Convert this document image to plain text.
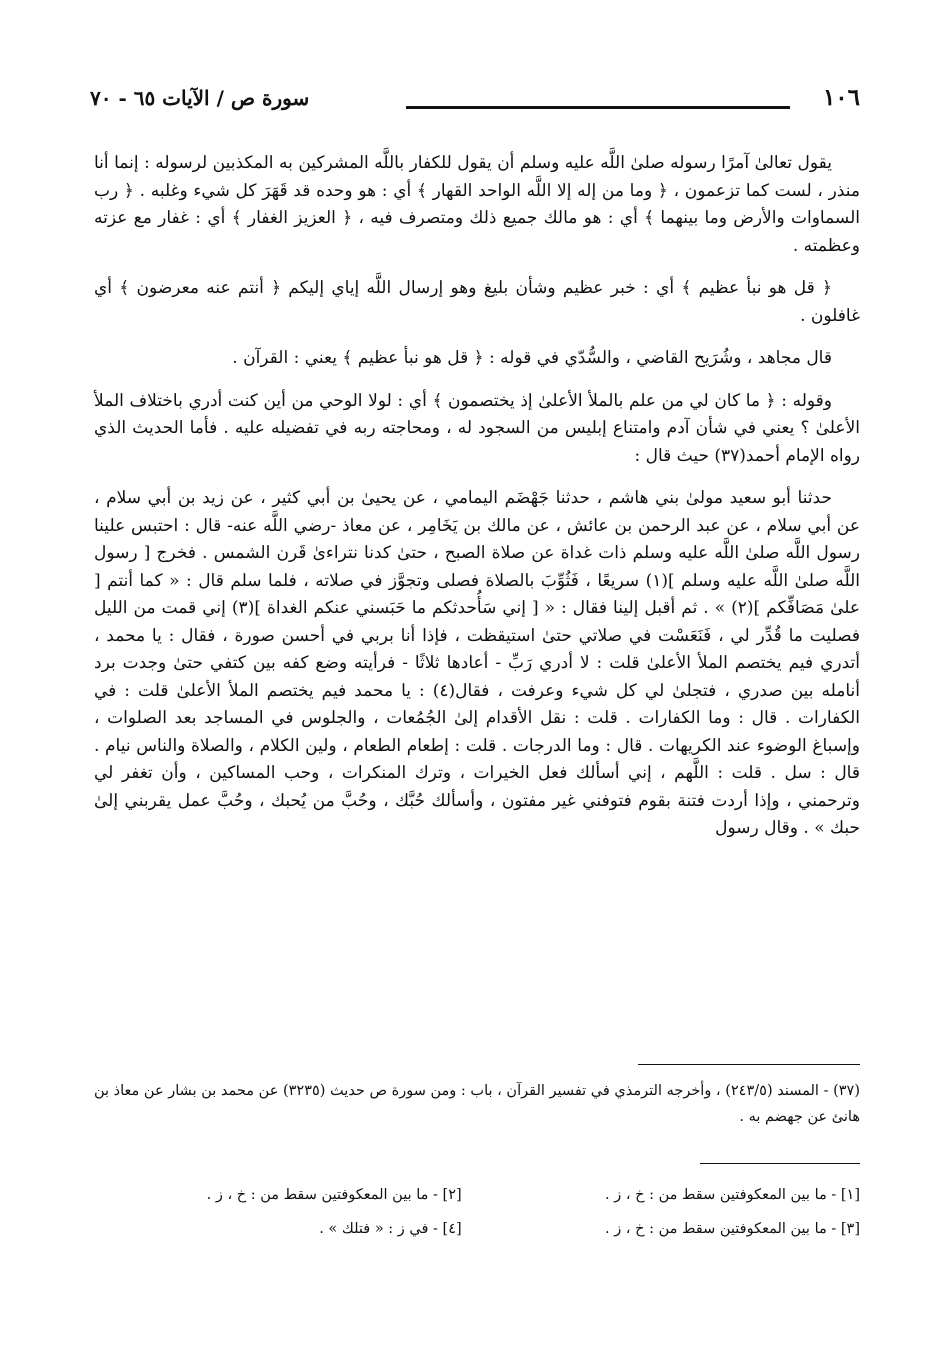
١٠٦
سورة ص / الآيات ٦٥ - ٧٠

يقول تعالىٰ آمرًا رسوله صلىٰ اللَّه عليه وسلم أن يقول للكفار باللَّه المشركين به المكذبين لرسوله : إنما أنا منذر ، لست كما تزعمون ، ﴿ وما من إله إلا اللَّه الواحد القهار ﴾ أي : هو وحده قد قَهَرَ كل شيء وغلبه . ﴿ رب السماوات والأرض وما بينهما ﴾ أي : هو مالك جميع ذلك ومتصرف فيه ، ﴿ العزيز الغفار ﴾ أي : غفار مع عزته وعظمته .

﴿ قل هو نبأ عظيم ﴾ أي : خبر عظيم وشأن بليغ وهو إرسال اللَّه إياي إليكم ﴿ أنتم عنه معرضون ﴾ أي غافلون .

قال مجاهد ، وشُرَيح القاضي ، والسُّدّي في قوله : ﴿ قل هو نبأ عظيم ﴾ يعني : القرآن .

وقوله : ﴿ ما كان لي من علم بالملأ الأعلىٰ إذ يختصمون ﴾ أي : لولا الوحي من أين كنت أدري باختلاف الملأ الأعلىٰ ؟ يعني في شأن آدم وامتناع إبليس من السجود له ، ومحاجته ربه في تفضيله عليه . فأما الحديث الذي رواه الإمام أحمد(٣٧) حيث قال :

حدثنا أبو سعيد مولىٰ بني هاشم ، حدثنا جَهْضَم اليمامي ، عن يحيىٰ بن أبي كثير ، عن زيد بن أبي سلام ، عن أبي سلام ، عن عبد الرحمن بن عائش ، عن مالك بن يَخَامِر ، عن معاذ -رضي اللَّه عنه- قال : احتبس علينا رسول اللَّه صلىٰ اللَّه عليه وسلم ذات غداة عن صلاة الصبح ، حتىٰ كدنا نتراءىٰ قَرن الشمس . فخرج [ رسول اللَّه صلىٰ اللَّه عليه وسلم ](١) سريعًا ، فَثُوِّبَ بالصلاة فصلى وتجوَّز في صلاته ، فلما سلم قال : « كما أنتم [ علىٰ مَصَافِّكم ](٢) » . ثم أقبل إلينا فقال : « [ إني سَأُحدثكم ما حَبَسني عنكم الغداة ](٣) إني قمت من الليل فصليت ما قُدِّر لي ، فَنَعَسْت في صلاتي حتىٰ استيقظت ، فإذا أنا بربي في أحسن صورة ، فقال : يا محمد ، أتدري فيم يختصم الملأ الأعلىٰ قلت : لا أدري رَبِّ - أعادها ثلاثًا - فرأيته وضع كفه بين كتفي حتىٰ وجدت برد أنامله بين صدري ، فتجلىٰ لي كل شيء وعرفت ، فقال(٤) : يا محمد فيم يختصم الملأ الأعلىٰ قلت : في الكفارات . قال : وما الكفارات . قلت : نقل الأقدام إلىٰ الجُمُعات ، والجلوس في المساجد بعد الصلوات ، وإسباغ الوضوء عند الكريهات . قال : وما الدرجات . قلت : إطعام الطعام ، ولين الكلام ، والصلاة والناس نيام . قال : سل . قلت : اللَّهم ، إني أسألك فعل الخيرات ، وترك المنكرات ، وحب المساكين ، وأن تغفر لي وترحمني ، وإذا أردت فتنة بقوم فتوفني غير مفتون ، وأسألك حُبَّك ، وحُبَّ من يُحبك ، وحُبَّ عمل يقربني إلىٰ حبك » . وقال رسول

(٣٧) - المسند (٢٤٣/٥) ، وأخرجه الترمذي في تفسير القرآن ، باب : ومن سورة ص حديث (٣٢٣٥) عن محمد بن بشار عن معاذ بن هانئ عن جهضم به .
[١] - ما بين المعكوفتين سقط من : خ ، ز .
[٢] - ما بين المعكوفتين سقط من : خ ، ز .
[٣] - ما بين المعكوفتين سقط من : خ ، ز .
[٤] - في ز : « فتلك » .
